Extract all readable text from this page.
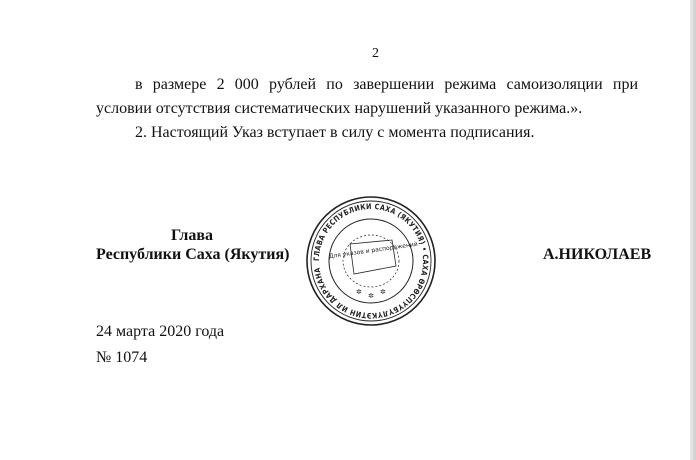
2
в размере 2 000 рублей по завершении режима самоизоляции при
условии отсутствия систематических нарушений указанного режима.».
2. Настоящий Указ вступает в силу с момента подписания.
Глава
Республики Саха (Якутия)	А.НИКОЛАЕВ
ГЛАВА РЕСПУБЛИКИ САХА (ЯКУТИЯ) • САХА ӨРӨСПҮҮБҮЛҮКЭТИН ИЛ ДАРХАНА
Для указов и распоряжений
✲ ✲ ✲
24 марта 2020 года
№ 1074
